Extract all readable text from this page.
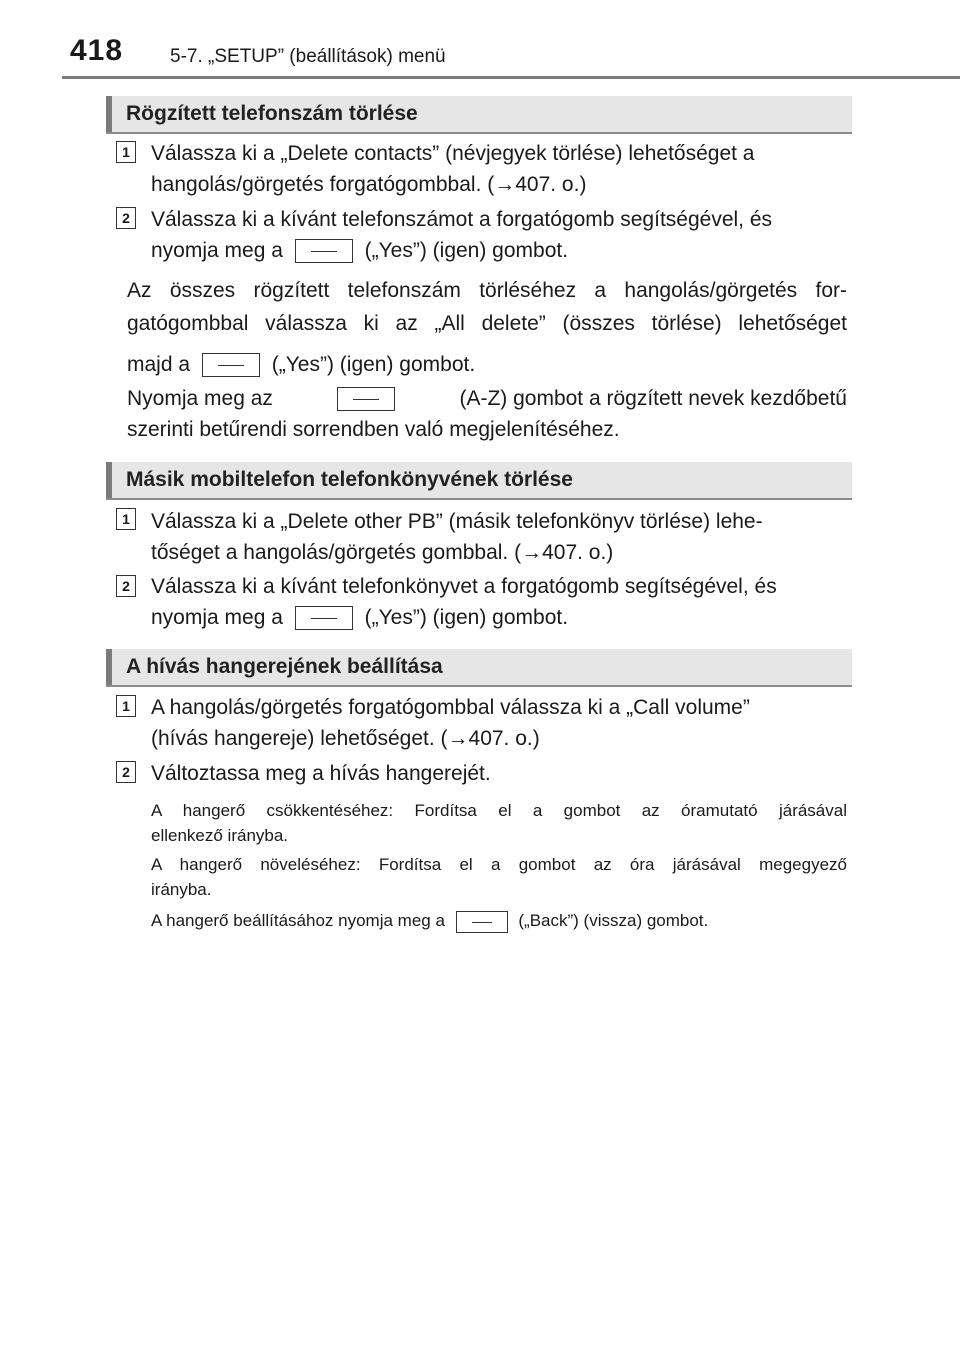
418 5-7. „SETUP” (beállítások) menü
Rögzített telefonszám törlése
1 Válassza ki a „Delete contacts” (névjegyek törlése) lehetőséget a
hangolás/görgetés forgatógombbal. (→407. o.)
2 Válassza ki a kívánt telefonszámot a forgatógomb segítségével, és
nyomja meg a	(„Yes”) (igen) gombot.
Az összes rögzített telefonszám törléséhez a hangolás/görgetés for-
gatógombbal válassza ki az „All delete” (összes törlése) lehetőséget
majd a	(„Yes”) (igen) gombot.
Nyomja meg az	(A-Z) gombot a rögzített nevek kezdőbetű
szerinti betűrendi sorrendben való megjelenítéséhez.
Másik mobiltelefon telefonkönyvének törlése
1 Válassza ki a „Delete other PB” (másik telefonkönyv törlése) lehe-
tőséget a hangolás/görgetés gombbal. (→407. o.)
2 Válassza ki a kívánt telefonkönyvet a forgatógomb segítségével, és
nyomja meg a	(„Yes”) (igen) gombot.
A hívás hangerejének beállítása
1 A hangolás/görgetés forgatógombbal válassza ki a „Call volume”
(hívás hangereje) lehetőséget. (→407. o.)
2 Változtassa meg a hívás hangerejét.
A hangerő csökkentéséhez: Fordítsa el a gombot az óramutató járásával
ellenkező irányba.
A hangerő növeléséhez: Fordítsa el a gombot az óra járásával megegyező
irányba.
A hangerő beállításához nyomja meg a	(„Back”) (vissza) gombot.
